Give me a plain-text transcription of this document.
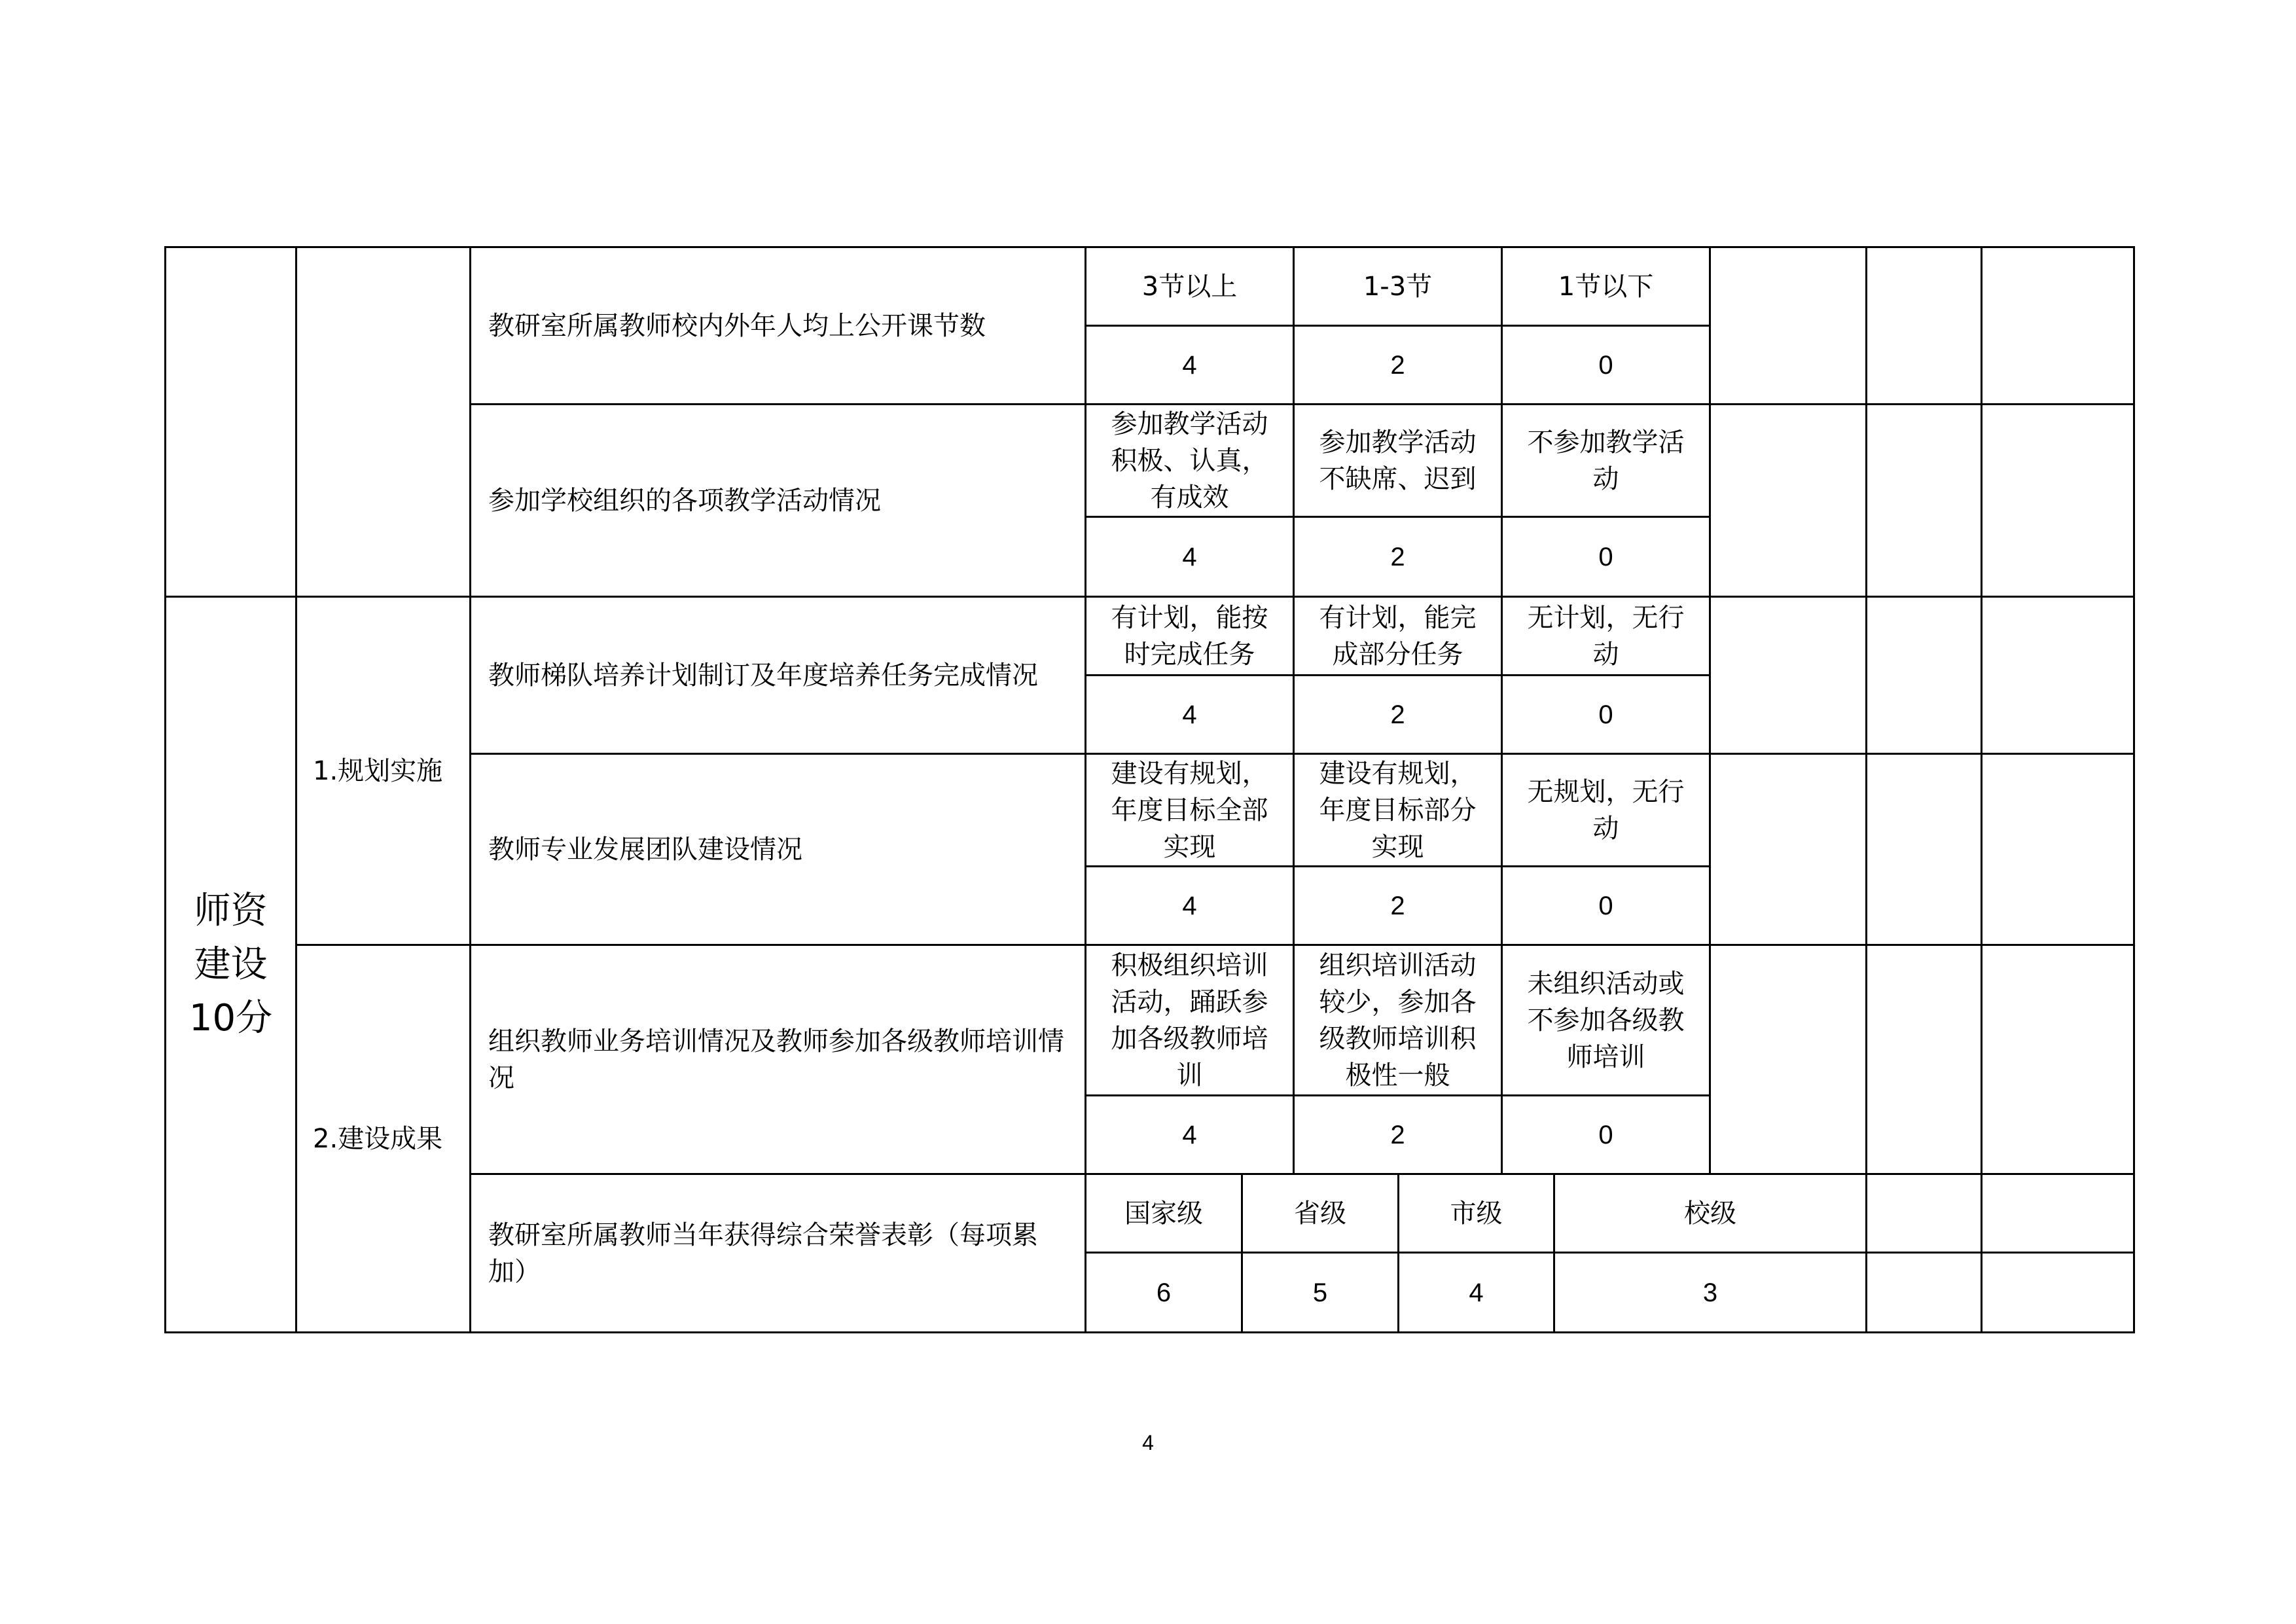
		教研室所属教师校内外年人均上公开课节数	3节以上		1-3节		1节以下					
			4		2		0					
		参加学校组织的各项教学活动情况	参加教学活动积极、认真，有成效		参加教学活动不缺席、迟到		不参加教学活动					
			4		2		0					
师资建设10分	1.规划实施	教师梯队培养计划制订及年度培养任务完成情况	有计划，能按时完成任务		有计划，能完成部分任务		无计划，无行动					
			4		2		0					
		教师专业发展团队建设情况	建设有规划，年度目标全部实现		建设有规划，年度目标部分实现		无规划，无行动					
			4		2		0					
	2.建设成果	组织教师业务培训情况及教师参加各级教师培训情况	积极组织培训活动，踊跃参加各级教师培训		组织培训活动较少，参加各级教师培训积极性一般		未组织活动或不参加各级教师培训					
			4		2		0					
		教研室所属教师当年获得综合荣誉表彰（每项累加）	国家级	省级		市级		校级				
			6	5		4		3				
4
